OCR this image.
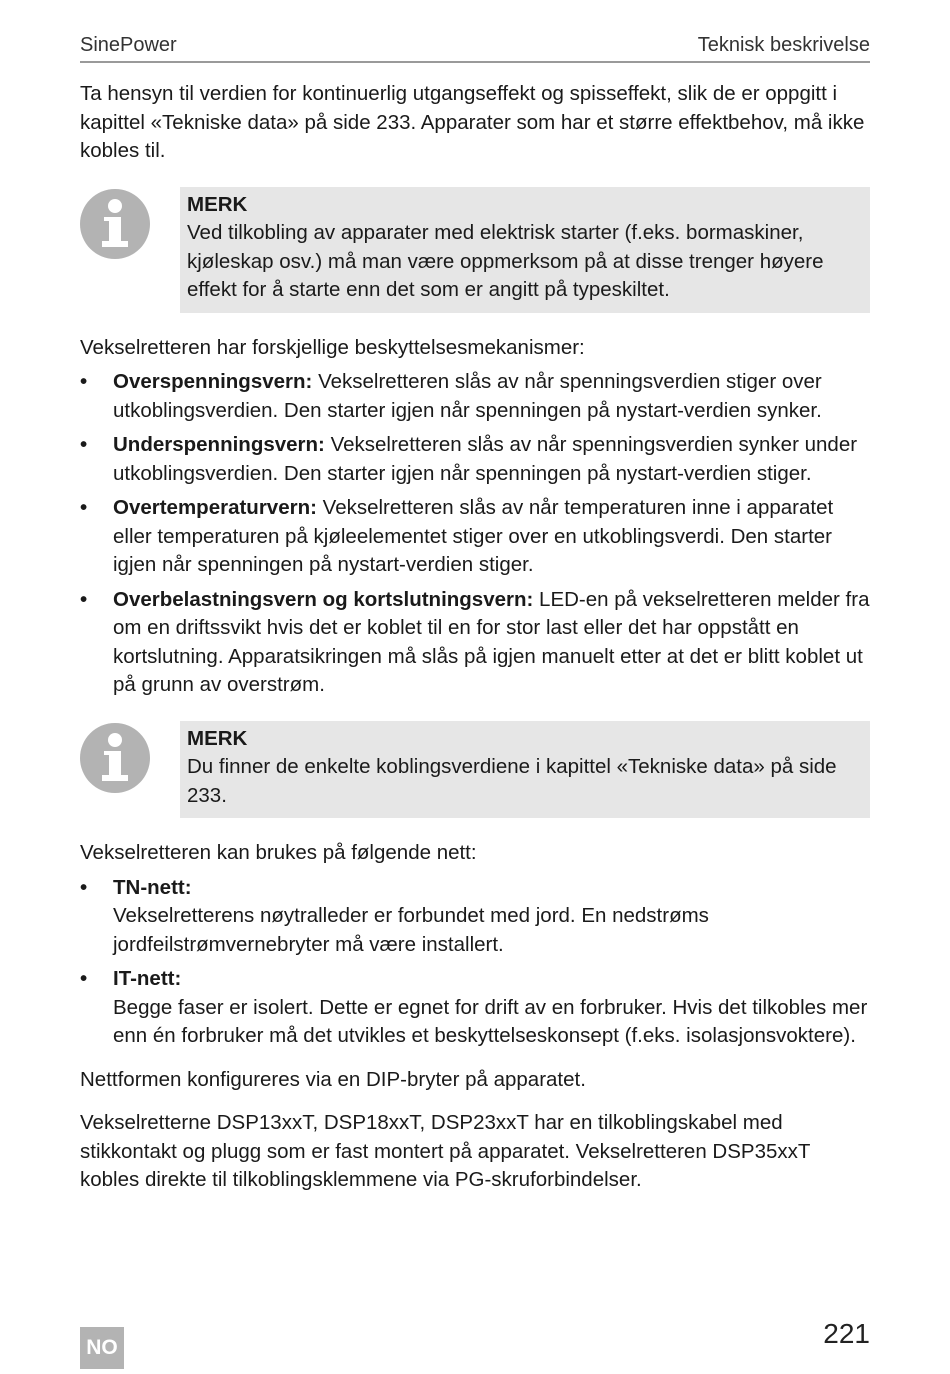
SinePower	Teknisk beskrivelse

Ta hensyn til verdien for kontinuerlig utgangseffekt og spisseffekt, slik de er oppgitt i kapittel «Tekniske data» på side 233. Apparater som har et større effektbehov, må ikke kobles til.

MERK
Ved tilkobling av apparater med elektrisk starter (f.eks. bormaskiner, kjøleskap osv.) må man være oppmerksom på at disse trenger høyere effekt for å starte enn det som er angitt på typeskiltet.

Vekselretteren har forskjellige beskyttelsesmekanismer:

• Overspenningsvern: Vekselretteren slås av når spenningsverdien stiger over utkoblingsverdien. Den starter igjen når spenningen på nystart-verdien synker.
• Underspenningsvern: Vekselretteren slås av når spenningsverdien synker under utkoblingsverdien. Den starter igjen når spenningen på nystart-verdien stiger.
• Overtemperaturvern: Vekselretteren slås av når temperaturen inne i apparatet eller temperaturen på kjøleelementet stiger over en utkoblingsverdi. Den starter igjen når spenningen på nystart-verdien stiger.
• Overbelastningsvern og kortslutningsvern: LED-en på vekselretteren melder fra om en driftssvikt hvis det er koblet til en for stor last eller det har oppstått en kortslutning. Apparatsikringen må slås på igjen manuelt etter at det er blitt koblet ut på grunn av overstrøm.
MERK
Du finner de enkelte koblingsverdiene i kapittel «Tekniske data» på side 233.

Vekselretteren kan brukes på følgende nett:

• TN-nett:
Vekselretterens nøytralleder er forbundet med jord. En nedstrøms jordfeilstrømvernebryter må være installert.
• IT-nett:
Begge faser er isolert. Dette er egnet for drift av en forbruker. Hvis det tilkobles mer enn én forbruker må det utvikles et beskyttelseskonsept (f.eks. isolasjonsvoktere).

Nettformen konfigureres via en DIP-bryter på apparatet.

Vekselretterne DSP13xxT, DSP18xxT, DSP23xxT har en tilkoblingskabel med stikkontakt og plugg som er fast montert på apparatet. Vekselretteren DSP35xxT kobles direkte til tilkoblingsklemmene via PG-skruforbindelser.

NO	221
